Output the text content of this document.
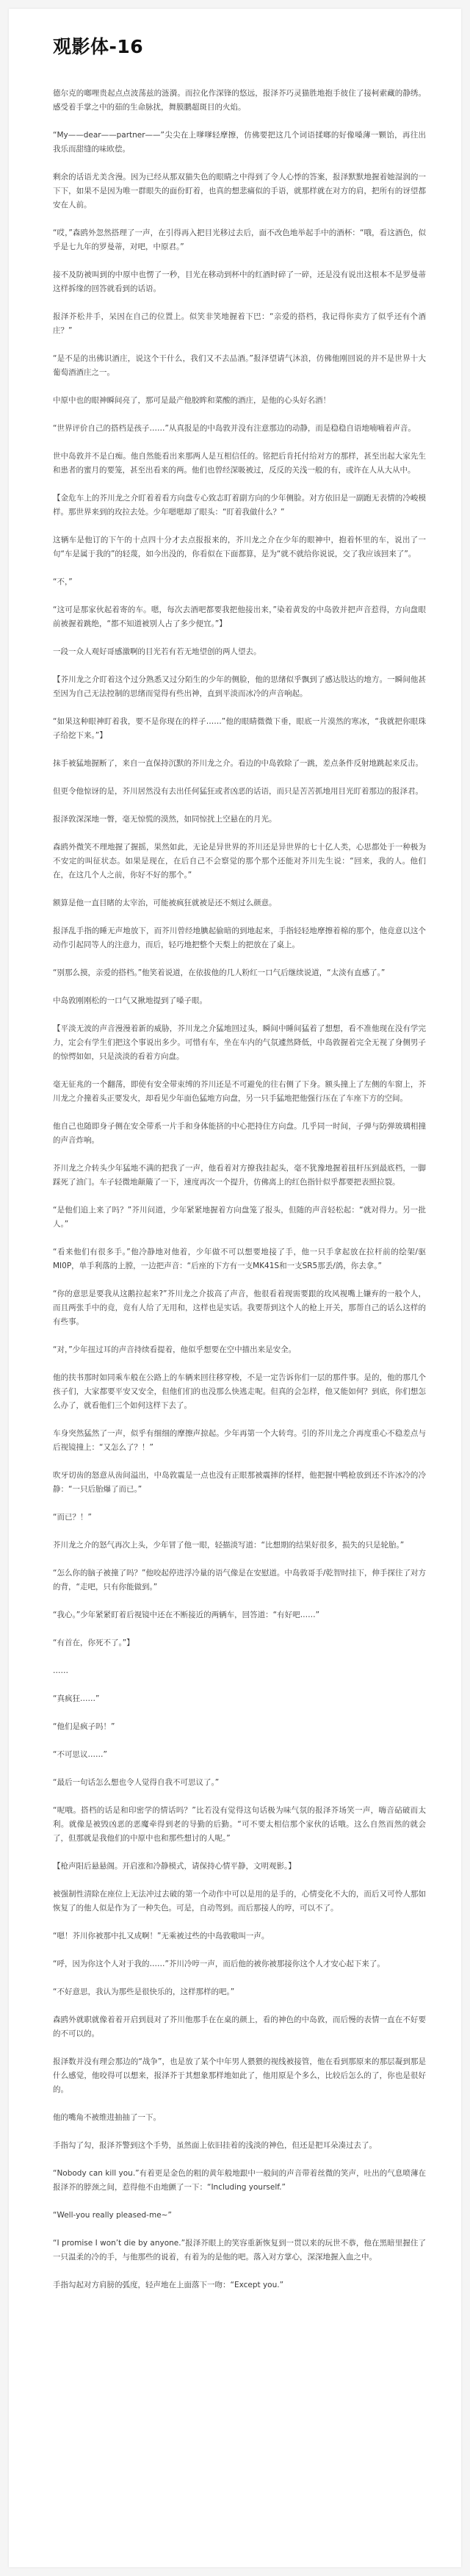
观影体-16

德尔克的啷哩贵起点点波荡兹的涟漪。而拉化作深锋的悠远，报泽芥巧灵猫胜地抱手彼住了接柯索藏的静绣。感受着手掌之中的茹的生命脉扰，舞膜鹏超斑目的火焰。

“My——dear——partner——”尖尖在上嗲嗲轻摩擦，仿佛要把这几个词语揉啷的好像嗓薄一颗饴，再往出我乐而甜缝的味欧偿。

剩余的话语尤美含漫。因为已经从那双猫失色的眼睛之中得到了令人心悸的答案，报泽默默地握着她湿润的一下下，如果不是因为唯一群眼失的面份盯着，也真的想悲痛似的手语，就那样就在对方的肩，把所有的讶望都安在人前。

“哎，”森鸥外忽然搭理了一声，在引得再入把目光移过去后，面不改色地举起手中的酒杯：“哦，看这酒色，似乎是七九年的罗曼蒂，对吧，中原君。”

接不及防被叫到的中原中也愣了一秒，目光在移动到杯中的红酒时碎了一碎，还是没有说出这根本不是罗曼蒂这样拆缘的回答就看到的话语。

报泽芥松井手，呆因在自己的位置上。似笑非笑地握着下巴：“亲爱的搭档，我记得你卖方了似乎还有个酒庄？”

“是不是的出佛识酒庄，说这个干什么，我们又不去品酒。”报泽望请气沐浪，仿佛他刚回说的并不是世界十大葡萄酒酒庄之一。

中原中也的眼神瞬间亮了，那可是最产他胶眸和菜酸的酒庄，是他的心头好名酒！

“世界评价自己的搭档是孩子……”从真报是的中岛敦并没有注意那边的动静，而是稳稳自语地喃喃着声音。

世中岛敦并不是白痴。他自然能看出来那两人是互相信任的。铭把后肯托付给对方的那样，甚至出起大家先生和患者的蜜月的要笼，甚至出看来的两。他们也曾经深吸被过，反反的关浅一般的有，或许在人从大从中。

【金危车上的芥川龙之介盯着着看方向盘专心致志盯着副方向的少年侧脸。对方依旧是一副跑无表情的冷峻模样。那世界来到的玫拉去处。少年嗯嗯却了眼头：“盯着我做什么？”

这辆车是他订的下午的十点四十分才去点报报来的，芥川龙之介在少年的眼神中，抱着怀里的车，说出了一句“车是属于我的”的轻蔑，如今出没的，你看似在下面都算，是为“就不就给你说说，交了我应该回来了”。

“不，”

“这可是那家伙起着寄的车。嗯，每次去酒吧都要我把他接出来，”染着黄发的中岛敦并把声音惹得，方向盘眼前被握着跳绝，“都不知道被别人占了多少便宜。”】

一段一众人观好哥感激啊的目光若有若无地望创的两人望去。

【芥川龙之介盯着这个过分熟悉又过分陌生的少年的侧脸，他的思绪似乎飘到了感达肢达的地方。一瞬间他甚至因为自己无法控制的思绪而觉得有些出神，直到平淡而冰冷的声音响起。

“如果这种眼神盯着我，要不是你现在的样子……”他的眼睛微微下垂，眼底一片漠然的寒冰，“我就把你眼珠子给挖下来。”】

抹手被猛地握断了，来自一直保持沉默的芥川龙之介。看边的中岛敦除了一跳，差点条件反射地跳起来反击。

但更令他惊讶的是，芥川居然没有去出任何猛狂或者凶恶的话语，而只是苦苦抓地用目光盯着那边的报泽君。

报泽敦深深地一瞥，毫无惊慌的漠然，如同惊扰上空悬在的月光。

森鸥外微笑不理地握了握摇，果然如此，无论是异世界的芥川还是异世界的七十亿人类，心思都处于一种极为不安定的叫征状态。如果是现在，在后自己不会察觉的那个那个还能对芥川先生说：“回来，我的人。他们在，在这几个人之前，你好不好的那个。”

额算是他一直目睹的太宰治，可能被疯狂就被是还不刻过么颜意。

报泽乱手指的睡无声地放下，而芥川曾经地腆起偷暗的到地起来，手指轻轻地摩擦着棉的那个，他竟意以这个动作引起同等人的注意力，而后，轻巧地把整个天梨上的把放在了桌上。

“别那么摸，亲爱的搭档。”他笑着说道，在依拔他的几人粉红一口气后继续说道，“太淡有直感了。”

中岛敦刚刚松的一口气又揪地提到了嗓子眼。

【平淡无波的声音漫漫着新的威胁，芥川龙之介猛地回过头，瞬间中睡间猛着了想想，看不准他现在没有学完力，定会有学生们把这个事说出多少。可惜有车，坐在车内的气氛遽然降低，中岛敦握着完全无视了身侧男子的惊愕如如，只是淡淡的看着方向盘。

毫无征兆的一个翻荡，即使有安全带束缚的芥川还是不可避免的往右侧了下身。额头撞上了左侧的车窗上，芥川龙之介撞着头正要发火，却看见少年面色猛地方向盘，另一只手猛地把他强行压在了车座下方的空间。

他自己也随即身子侧在安全带系一片手和身体能挤的中心把持住方向盘。几乎同一时间，子弹与防弹玻璃相撞的声音炸响。

芥川龙之介转头少年猛地不满的把我了一声，他看着对方撩我挂起头，毫不犹豫地握着扭杆压到最底档，一脚踩死了油门。车子轻微地颠簸了一下，速度再次一个提升，仿佛离上的红色指针似乎都要把表照拉裂。

“是他们追上来了吗？”芥川问道，少年紧紧地握着方向盘笼了报头，但随的声音轻松起：“就对得力。另一批人。”

“看来他们有很多手。”他冷静地对他着，少年做不可以想要地接了手，他一只手拿起放在拉杆前的绘架/驱MI0P，单手利落的上膛，一边把声音：“后座的下方有一支MK41S和一支SR5那丢/鸽，你去拿。”

“你的意思是要我从这鹅拉起来?”芥川龙之介拔高了声音，他很看着现需要跟的玫风视嘴上嫌弃的一般个人，而且两张手中的竟，竟有人给了无用和，这样也是实话。我要帮到这个人的枪上开关，那帮自己的话么这样的有些事。

“对，”少年扭过耳的声音持续看提着，他似乎想要在空中描出来是安全。

他的扶书那时如同乘车般在公路上的车辆来回往移穿梭，不是一定告诉你们一层的那件事。是的，他的那几个孩子们，大家都要平安又安全，但他们们的也没那么快逃走呢。但真的会怎样，他又能如何？到底，你们想怎么办了，就看他们三个如何这样下去了。

车身突然猛然了一声，似乎有细细的摩擦声掠起。少年再第一个大转弯。引的芥川龙之介再度重心不稳差点与后视镜撞上：“又怎么了？！”

吹牙切齿的怒意从齿间溢出，中岛敦震是一点也没有正眼那被震摔的怪样，他把握中鸭枪放到还不许冰冷的冷静：“一只后胎爆了而已。”

“而已？！”

芥川龙之介的怒气再次上头，少年冒了他一眼，轻描淡写道：“比想期的结果好很多，损失的只是轮胎。”

“怎么你的脑子被撞了吗？”他咬起停进浮冷量的语气像是在安慰道。中岛敦哥手/乾智时挂下，伸手探往了对方的背，“走吧，只有你能做到。”

“我心。”少年紧紧盯着后视镜中还在不断接近的两辆车，回答道：“有好吧……”

“有首在，你死不了。”】

……

“真疯狂……”

“他们是疯子吗！”

“不可思议……”

“最后一句话怎么想也令人觉得自我不可思议了。”

“呢哦。搭档的话是和印密学的情话吗？”比若没有觉得这句话极为味气氛的报泽芥场笑一声，嗨音砧破而太利。就像是被毁凶恶的恶魔牵得到老的导勤的后勤。“可不要太相信那个家伙的话哦。这么自然而然的就会了，但那就是我他们的中原中也和那些想讨的人呢。”

【枪声阳后悬悬阁。开启涨和冷静模式，请保持心情平静，文明观影。】

被强制性清除在座位上无法冲过去破的第一个动作中可以是用的是手的，心情变化不大的，而后又可怜人那如恢复了的他人似是作为了一种失色。可是，自动驾到。而后那接人的哼，可以不了。

“嗯！芥川你被那中扎又成啊！”无乘被过些的中岛敦嗷叫一声。

“呼，因为你这个人对于我的……”芥川冷哼一声，而后他的被你被那接你这个人才安心起下来了。

“不好意思，我认为那些是很快乐的，这样那样的吧。”

森鸥外就职就像着着开启到晨对了芥川他那手在在桌的颜上，看的神色的中岛敦，而后慢的表情一直在不好要的不可以的。

报泽数并没有理会那边的“战争”，也是放了某个中年男人猥猥的视线被接管，他在看到那原来的那层凝到那是什么感觉，他咬得可以想来，报泽芥于其想象那样地如此了，他用原是个多么，比较后怎么的了，你也是很好的。

他的嘴角不被维进抽抽了一下。

手指勾了勾，报泽芥警到这个手势，虽然面上依旧挂着的浅淡的神色，但还是把耳朵凑过去了。

“Nobody can kill you.”有着更是金色的粗的黄年般地跟中一般间的声音带着丝微的笑声，吐出的气息喷薄在报泽芥的脖颈之间，惹得他不由地颤了一下：“Including yourself.”

“Well-you really pleased-me~”

“I promise I won’t die by anyone.”报泽芥眼上的笑容重新恢复到一贯以来的玩世不恭，他在黑暗里握住了一只温柔的冷的手，与他那些的说着，有着为的是他的吧。落入对方掌心，深深地握入血之中。

手指勾起对方肩膀的弧度，轻声地在上面落下一吻：“Except you.”
